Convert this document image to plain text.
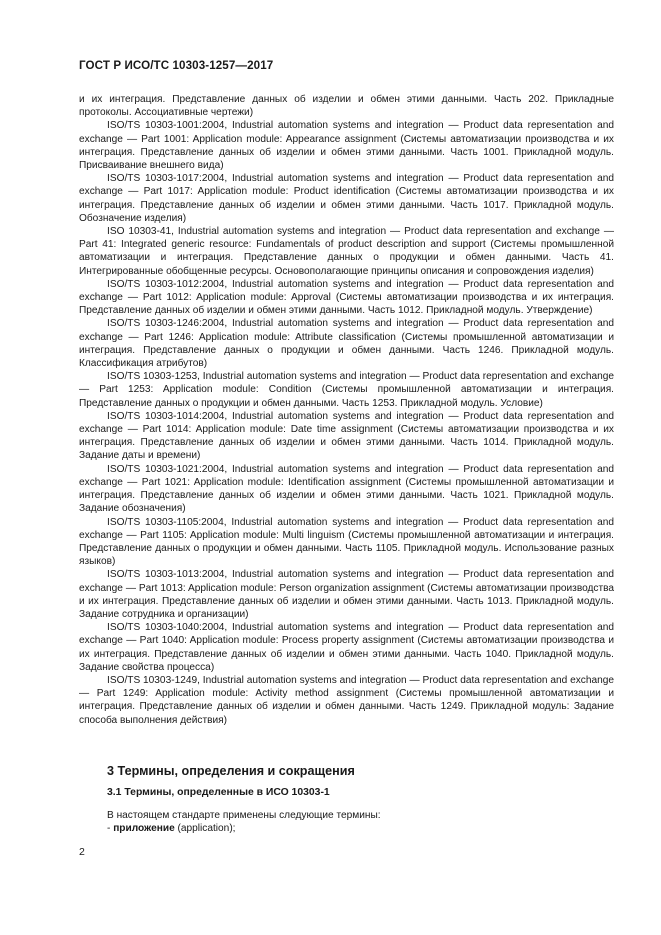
ГОСТ Р ИСО/ТС 10303-1257—2017

и их интеграция. Представление данных об изделии и обмен этими данными. Часть 202. Прикладные протоколы. Ассоциативные чертежи)

ISO/TS 10303-1001:2004, Industrial automation systems and integration — Product data representation and exchange — Part 1001: Application module: Appearance assignment (Системы автоматизации производства и их интеграция. Представление данных об изделии и обмен этими данными. Часть 1001. Прикладной модуль. Присваивание внешнего вида)

ISO/TS 10303-1017:2004, Industrial automation systems and integration — Product data representation and exchange — Part 1017: Application module: Product identification (Системы автоматизации производства и их интеграция. Представление данных об изделии и обмен этими данными. Часть 1017. Прикладной модуль. Обозначение изделия)

ISO 10303-41, Industrial automation systems and integration — Product data representation and exchange — Part 41: Integrated generic resource: Fundamentals of product description and support (Системы промышленной автоматизации и интеграция. Представление данных о продукции и обмен данными. Часть 41. Интегрированные обобщенные ресурсы. Основополагающие принципы описания и сопровождения изделия)

ISO/TS 10303-1012:2004, Industrial automation systems and integration — Product data representation and exchange — Part 1012: Application module: Approval (Системы автоматизации производства и их интеграция. Представление данных об изделии и обмен этими данными. Часть 1012. Прикладной модуль. Утверждение)

ISO/TS 10303-1246:2004, Industrial automation systems and integration — Product data representation and exchange — Part 1246: Application module: Attribute classification (Системы промышленной автоматизации и интеграция. Представление данных о продукции и обмен данными. Часть 1246. Прикладной модуль. Классификация атрибутов)

ISO/TS 10303-1253, Industrial automation systems and integration — Product data representation and exchange — Part 1253: Application module: Condition (Системы промышленной автоматизации и интеграция. Представление данных о продукции и обмен данными. Часть 1253. Прикладной модуль. Условие)

ISO/TS 10303-1014:2004, Industrial automation systems and integration — Product data representation and exchange — Part 1014: Application module: Date time assignment (Системы автоматизации производства и их интеграция. Представление данных об изделии и обмен этими данными. Часть 1014. Прикладной модуль. Задание даты и времени)

ISO/TS 10303-1021:2004, Industrial automation systems and integration — Product data representation and exchange — Part 1021: Application module: Identification assignment (Системы промышленной автоматизации и интеграция. Представление данных об изделии и обмен этими данными. Часть 1021. Прикладной модуль. Задание обозначения)

ISO/TS 10303-1105:2004, Industrial automation systems and integration — Product data representation and exchange — Part 1105: Application module: Multi linguism (Системы промышленной автоматизации и интеграция. Представление данных о продукции и обмен данными. Часть 1105. Прикладной модуль. Использование разных языков)

ISO/TS 10303-1013:2004, Industrial automation systems and integration — Product data representation and exchange — Part 1013: Application module: Person organization assignment (Системы автоматизации производства и их интеграция. Представление данных об изделии и обмен этими данными. Часть 1013. Прикладной модуль. Задание сотрудника и организации)

ISO/TS 10303-1040:2004, Industrial automation systems and integration — Product data representation and exchange — Part 1040: Application module: Process property assignment (Системы автоматизации производства и их интеграция. Представление данных об изделии и обмен этими данными. Часть 1040. Прикладной модуль. Задание свойства процесса)

ISO/TS 10303-1249, Industrial automation systems and integration — Product data representation and exchange — Part 1249: Application module: Activity method assignment (Системы промышленной автоматизации и интеграция. Представление данных об изделии и обмен данными. Часть 1249. Прикладной модуль: Задание способа выполнения действия)

3 Термины, определения и сокращения
3.1 Термины, определенные в ИСО 10303-1

В настоящем стандарте применены следующие термины:

- приложение (application);

2
